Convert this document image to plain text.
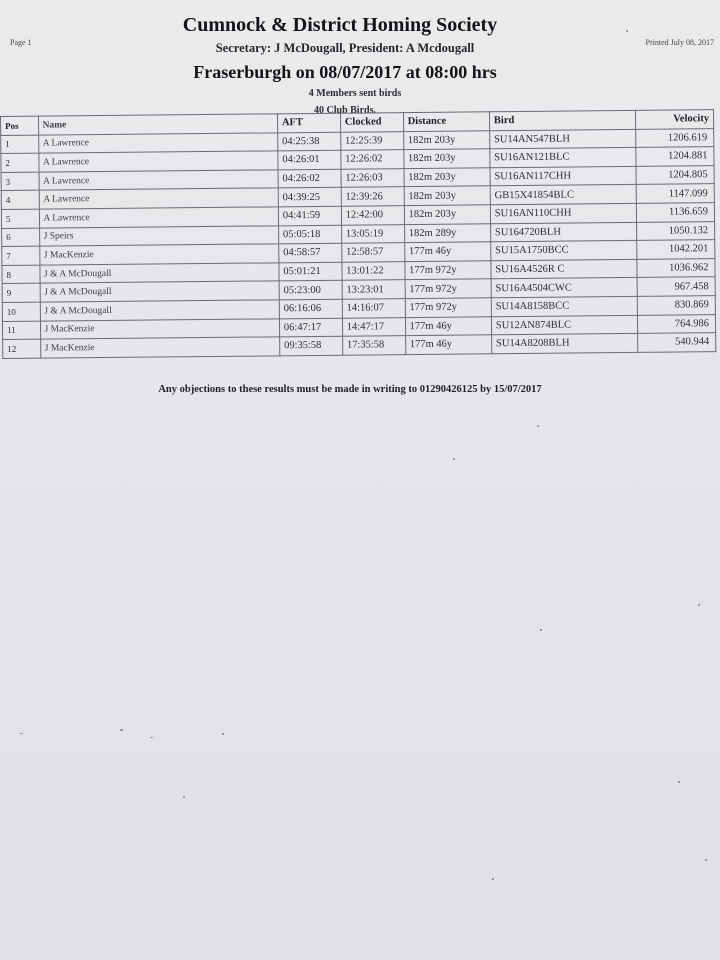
Page 1	Printed July 08, 2017
Cumnock & District Homing Society
Secretary: J McDougall, President: A Mcdougall
Fraserburgh on 08/07/2017 at 08:00 hrs
4 Members sent birds
40 Club Birds.
Pos	Name	AFT	Clocked	Distance	Bird	Velocity
1	A Lawrence	04:25:38	12:25:39	182m 203y	SU14AN547BLH	1206.619
2	A Lawrence	04:26:01	12:26:02	182m 203y	SU16AN121BLC	1204.881
3	A Lawrence	04:26:02	12:26:03	182m 203y	SU16AN117CHH	1204.805
4	A Lawrence	04:39:25	12:39:26	182m 203y	GB15X41854BLC	1147.099
5	A Lawrence	04:41:59	12:42:00	182m 203y	SU16AN110CHH	1136.659
6	J Speirs	05:05:18	13:05:19	182m 289y	SU164720BLH	1050.132
7	J MacKenzie	04:58:57	12:58:57	177m 46y	SU15A1750BCC	1042.201
8	J & A McDougall	05:01:21	13:01:22	177m 972y	SU16A4526R C	1036.962
9	J & A McDougall	05:23:00	13:23:01	177m 972y	SU16A4504CWC	967.458
10	J & A McDougall	06:16:06	14:16:07	177m 972y	SU14A8158BCC	830.869
11	J MacKenzie	06:47:17	14:47:17	177m 46y	SU12AN874BLC	764.986
12	J MacKenzie	09:35:58	17:35:58	177m 46y	SU14A8208BLH	540.944
Any objections to these results must be made in writing to 01290426125 by 15/07/2017
